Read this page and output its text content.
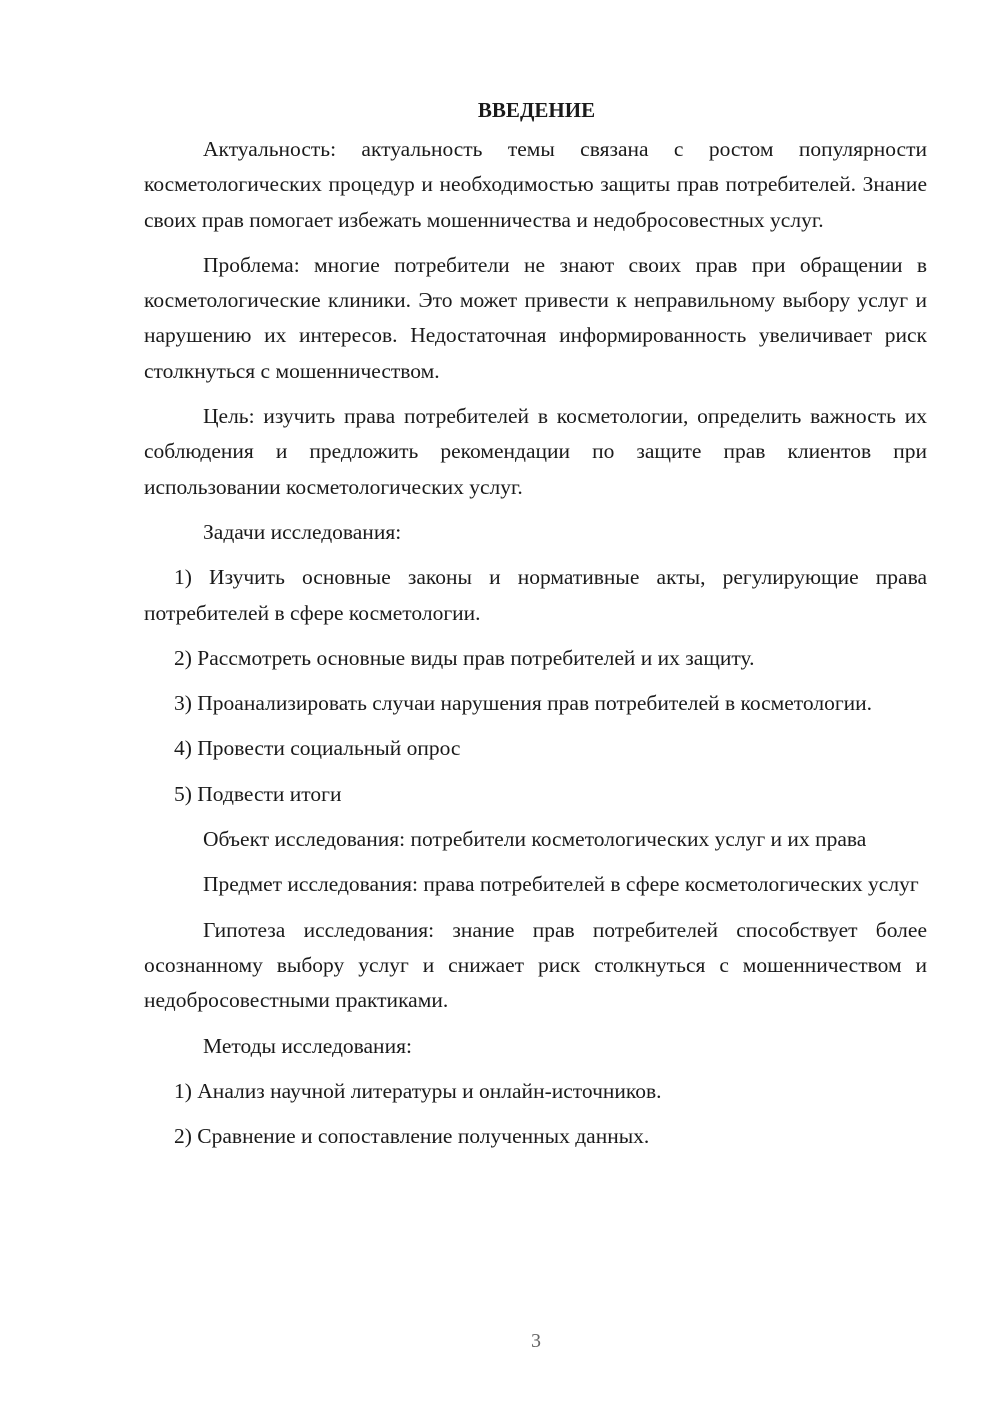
ВВЕДЕНИЕ

Актуальность: актуальность темы связана с ростом популярности косметологических процедур и необходимостью защиты прав потребителей. Знание своих прав помогает избежать мошенничества и недобросовестных услуг.

Проблема: многие потребители не знают своих прав при обращении в косметологические клиники. Это может привести к неправильному выбору услуг и нарушению их интересов. Недостаточная информированность увеличивает риск столкнуться с мошенничеством.

Цель: изучить права потребителей в косметологии, определить важность их соблюдения и предложить рекомендации по защите прав клиентов при использовании косметологических услуг.

Задачи исследования:

1) Изучить основные законы и нормативные акты, регулирующие права потребителей в сфере косметологии.

2) Рассмотреть основные виды прав потребителей и их защиту.

3) Проанализировать случаи нарушения прав потребителей в косметологии.

4) Провести социальный опрос

5) Подвести итоги

Объект исследования: потребители косметологических услуг и их права

Предмет исследования: права потребителей в сфере косметологических услуг

Гипотеза исследования: знание прав потребителей способствует более осознанному выбору услуг и снижает риск столкнуться с мошенничеством и недобросовестными практиками.

Методы исследования:

1) Анализ научной литературы и онлайн-источников.

2) Сравнение и сопоставление полученных данных.

3
